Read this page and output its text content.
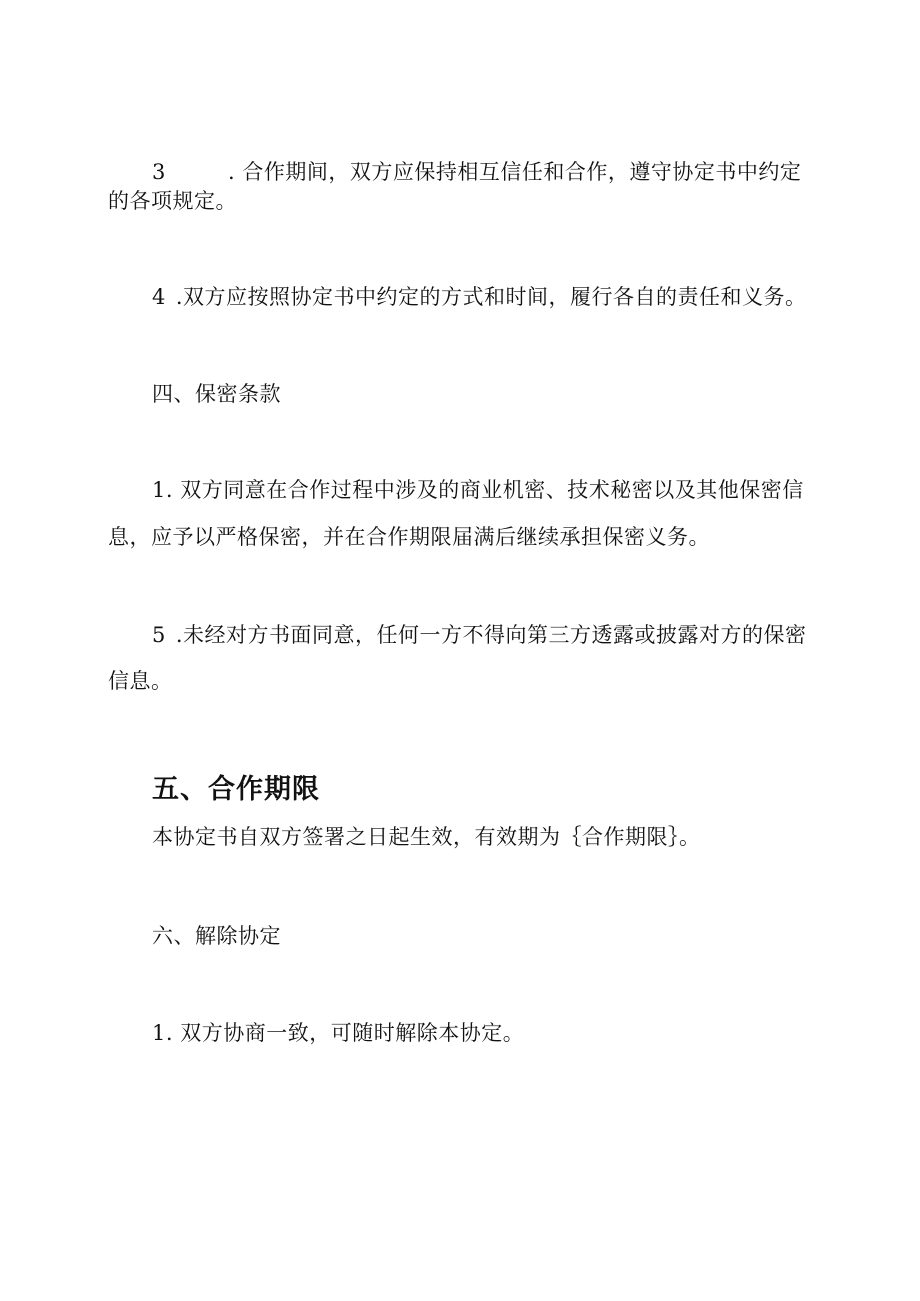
3	. 合作期间，双方应保持相互信任和合作，遵守协定书中约定
的各项规定。
4 .双方应按照协定书中约定的方式和时间，履行各自的责任和义务。
四、保密条款
1. 双方同意在合作过程中涉及的商业机密、技术秘密以及其他保密信
息，应予以严格保密，并在合作期限届满后继续承担保密义务。
5 .未经对方书面同意，任何一方不得向第三方透露或披露对方的保密
信息。
五、合作期限
本协定书自双方签署之日起生效，有效期为｛合作期限｝。
六、解除协定
1. 双方协商一致，可随时解除本协定。
